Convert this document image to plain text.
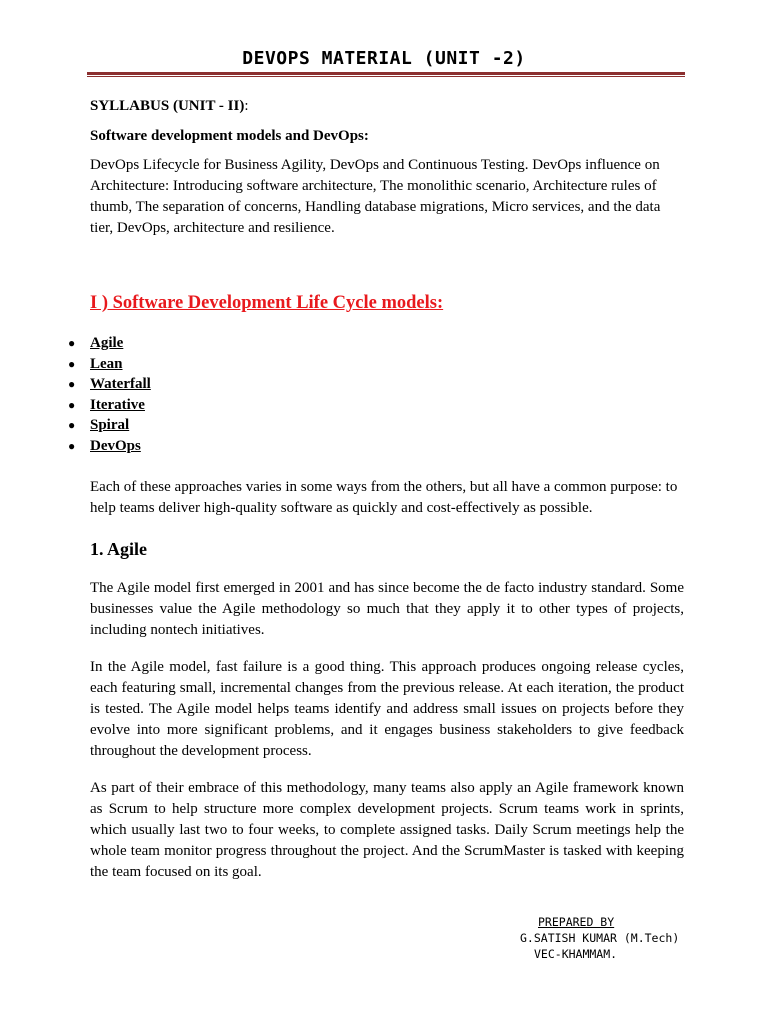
DEVOPS MATERIAL (UNIT -2)

SYLLABUS (UNIT - II):

Software development models and DevOps:

DevOps Lifecycle for Business Agility, DevOps and Continuous Testing. DevOps influence on Architecture: Introducing software architecture, The monolithic scenario, Architecture rules of thumb, The separation of concerns, Handling database migrations, Micro services, and the data tier, DevOps, architecture and resilience.

I ) Software Development Life Cycle models:

● Agile
● Lean
● Waterfall
● Iterative
● Spiral
● DevOps

Each of these approaches varies in some ways from the others, but all have a common purpose: to help teams deliver high-quality software as quickly and cost-effectively as possible.

1. Agile

The Agile model first emerged in 2001 and has since become the de facto industry standard. Some businesses value the Agile methodology so much that they apply it to other types of projects, including nontech initiatives.

In the Agile model, fast failure is a good thing. This approach produces ongoing release cycles, each featuring small, incremental changes from the previous release. At each iteration, the product is tested. The Agile model helps teams identify and address small issues on projects before they evolve into more significant problems, and it engages business stakeholders to give feedback throughout the development process.

As part of their embrace of this methodology, many teams also apply an Agile framework known as Scrum to help structure more complex development projects. Scrum teams work in sprints, which usually last two to four weeks, to complete assigned tasks. Daily Scrum meetings help the whole team monitor progress throughout the project. And the ScrumMaster is tasked with keeping the team focused on its goal.

PREPARED BY
G.SATISH KUMAR (M.Tech)
VEC-KHAMMAM.
